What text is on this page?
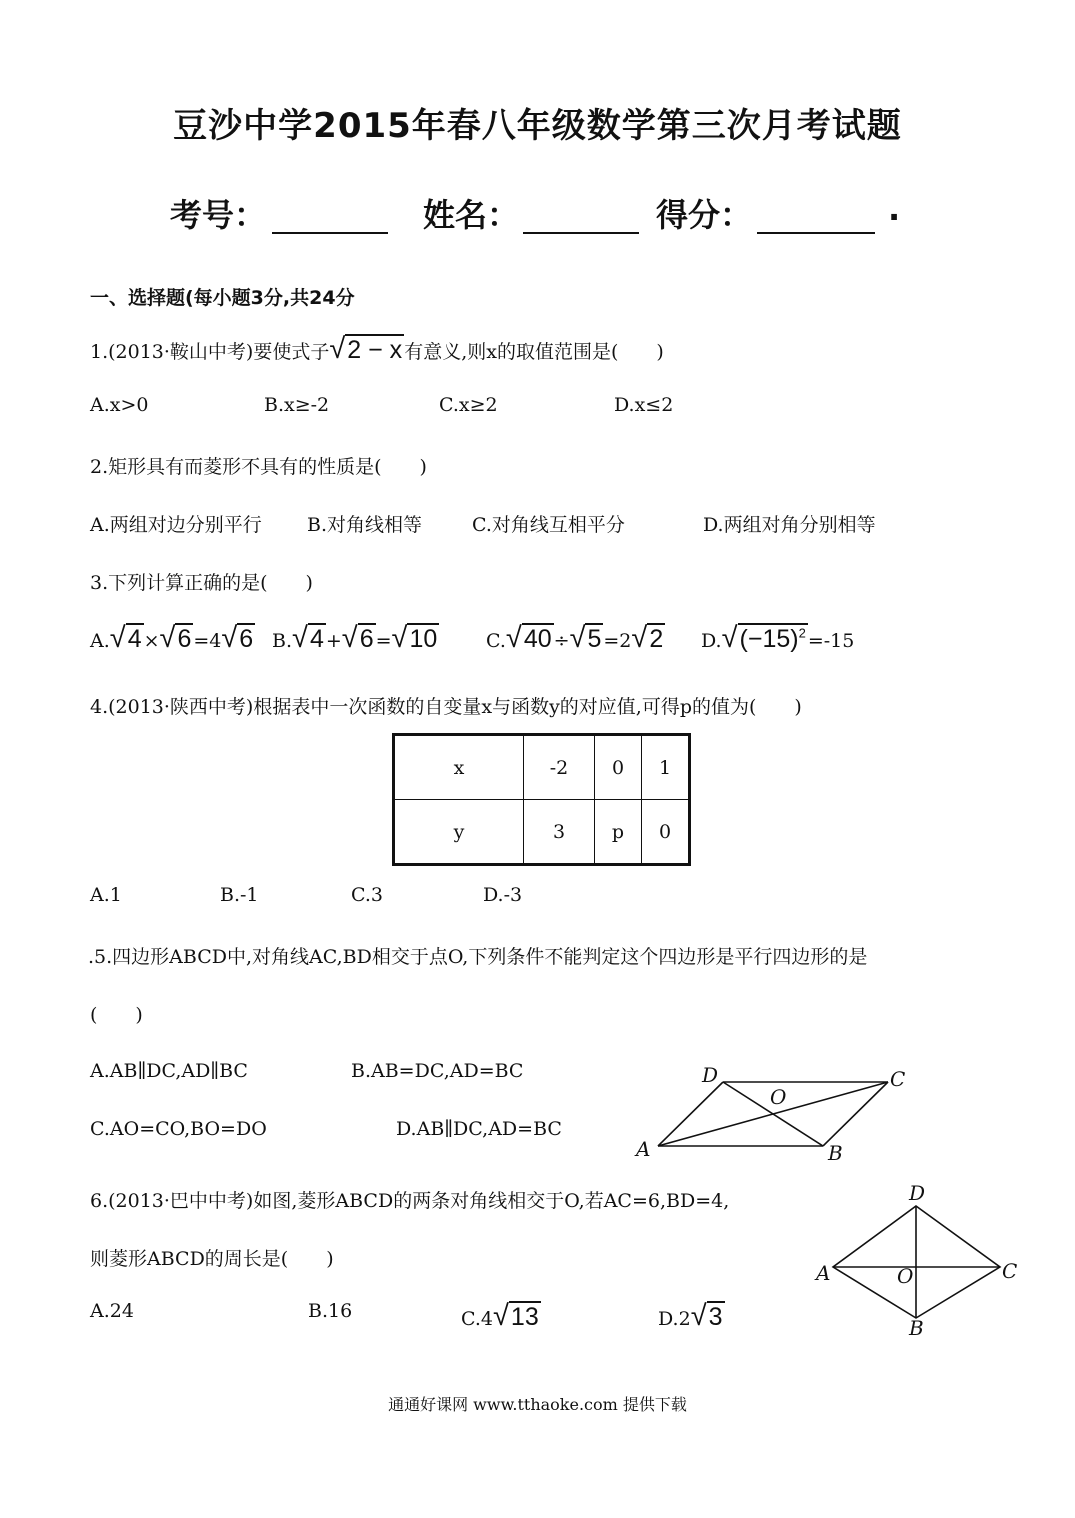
豆沙中学2015年春八年级数学第三次月考试题
考号：	姓名：	得分：	.
一、选择题(每小题3分,共24分
1.(2013·鞍山中考)要使式子√2 − x 有意义,则x的取值范围是(　　)
A.x>0	B.x≥-2	C.x≥2	D.x≤2
2.矩形具有而菱形不具有的性质是(　　)
A.两组对边分别平行 B.对角线相等	C.对角线互相平分	D.两组对角分别相等
3.下列计算正确的是(　　)
A.√4 ×√6 =4√6 B.√4 +√6 =√10	C.√40 ÷√5 =2√2 $D.√(-15)^2 =-15$
4.(2013·陕西中考)根据表中一次函数的自变量x与函数y的对应值,可得p的值为(　　)
x	-2	0	1
y	3	p	0
A.1	B.-1	C.3	D.-3
.5.四边形ABCD中,对角线AC,BD相交于点O,下列条件不能判定这个四边形是平行四边形的是
(　　)
A.AB∥DC,AD∥BC	B.AB=DC,AD=BC
C.AO=CO,BO=DO	D.AB∥DC,AD=BC
D	C
A	B
O
6.(2013·巴中中考)如图,菱形ABCD的两条对角线相交于O,若AC=6,BD=4,
则菱形ABCD的周长是(　　)
A.24	B.16	C.4√13	D.2√3
D
C
A
B
O
通通好课网 www.tthaoke.com 提供下载
